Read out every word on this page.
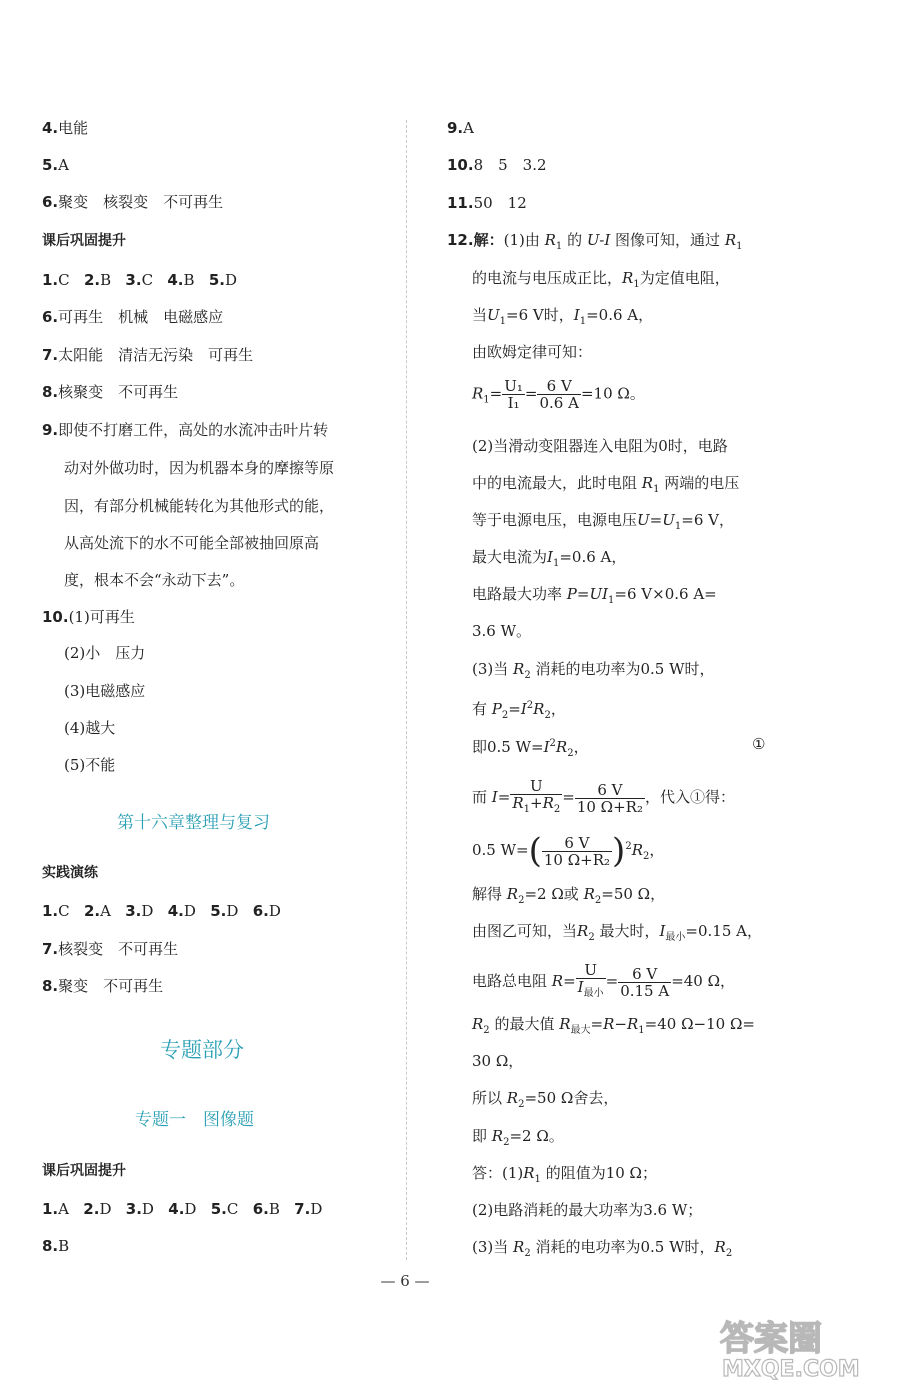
4.电能
5.A
6.聚变　核裂变　不可再生
课后巩固提升
1.C 2.B 3.C 4.B 5.D
6.可再生　机械　电磁感应
7.太阳能　清洁无污染　可再生
8.核聚变　不可再生
9.即使不打磨工件，高处的水流冲击叶片转
动对外做功时，因为机器本身的摩擦等原
因，有部分机械能转化为其他形式的能，
从高处流下的水不可能全部被抽回原高
度，根本不会“永动下去”。
10.(1)可再生
(2)小　压力
(3)电磁感应
(4)越大
(5)不能
第十六章整理与复习
实践演练
1.C 2.A 3.D 4.D 5.D 6.D
7.核裂变　不可再生
8.聚变　不可再生
专题部分
专题一　图像题
课后巩固提升
1.A 2.D 3.D 4.D 5.C 6.B 7.D
8.B
9.A
10.8　5　3.2
11.50　12
12.解：(1)由 $R_1$ 的 U-I 图像可知，通过 $R_1$
的电流与电压成正比，$R_1$为定值电阻，
当$U_1=6$ V时，$I_1=0.6$ A，
由欧姆定律可知：
$R_1= \frac{\text{U₁}}{\text{I₁}} = \frac{6 V}{0.6 A} =10$ Ω。
(2)当滑动变阻器连入电阻为0时，电路
中的电流最大，此时电阻 $R_1$ 两端的电压
等于电源电压，电源电压$U=U_1=6$ V，
最大电流为$I_1=0.6$ A，
电路最大功率 $P=UI_1=6$ V×0.6 A=
3.6 W。
(3)当 $R_2$ 消耗的电功率为0.5 W时，
有 $P_2=I^2R_2$，
即0.5 $W=I^2R_2$，	①
而 $I= \frac{U}{R_1+R_2} = \frac{6 V}{\text{10 Ω+R₂}}$ ，代入①得：
0.5 $W=( \frac{6 V}{\text{10 Ω+R₂}} )^2R_2$，
解得 $R_2=2$ Ω或 $R_2=50$ Ω，
由图乙可知，当$R_2$ 最大时，$I_{最小}=0.15$ A，
电路总电阻 $R= \frac{U}{I_{最小}} = \frac{6 V}{0.15 A} =40$ Ω，
$R_2$ 的最大值 $R_{最大}=R-R_1=40$ Ω−10 Ω=
30 Ω，
所以 $R_2=50$ Ω舍去，
即 $R_2=2$ Ω。
答：$(1)R_1$ 的阻值为10 Ω；
(2)电路消耗的最大功率为3.6 W；
(3)当 $R_2$ 消耗的电功率为0.5 W时，$R_2$
— 6 —
答案圈
MXQE.COM
